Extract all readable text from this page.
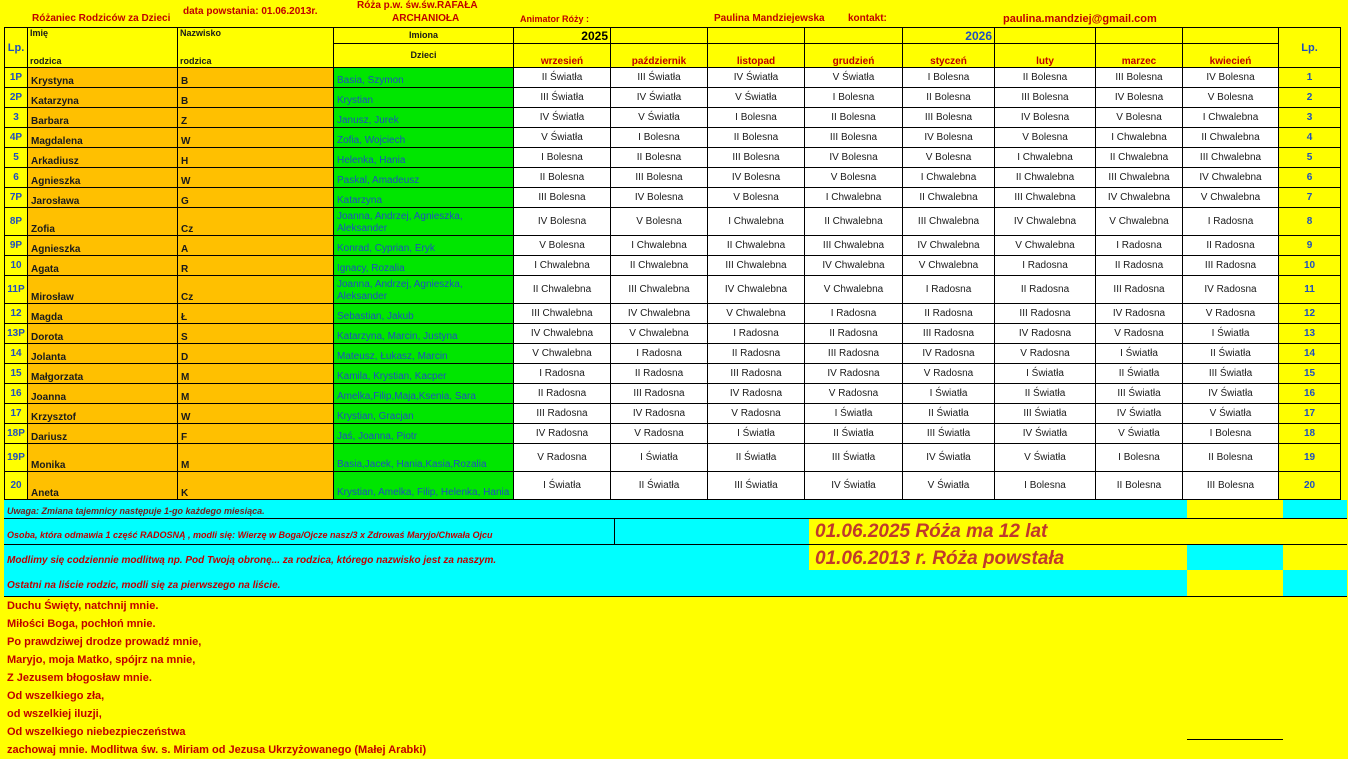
Różaniec Rodziców za Dzieci
data powstania: 01.06.2013r.
Róża p.w. św.św.RAFAŁA
ARCHANIOŁA	Animator Róży :	Paulina Mandziejewska kontakt:	paulina.mandziej@gmail.com
Lp.	Imię	Nazwisko	Imiona	2025				2026				Lp.
	rodzica	rodzica	Dzieci	wrzesień	październik	listopad	grudzień	styczeń	luty	marzec	kwiecień	
1P	Krystyna	B	Basia, Szymon	II Światła	III Światła	IV Światła	V Światła	I Bolesna	II Bolesna	III Bolesna	IV Bolesna	1
2P	Katarzyna	B	Krystian	III Światła	IV Światła	V Światła	I Bolesna	II Bolesna	III Bolesna	IV Bolesna	V Bolesna	2
3	Barbara	Z	Janusz, Jurek	IV Światła	V Światła	I Bolesna	II Bolesna	III Bolesna	IV Bolesna	V Bolesna	I Chwalebna	3
4P	Magdalena	W	Zofia, Wojciech	V Światła	I Bolesna	II Bolesna	III Bolesna	IV Bolesna	V Bolesna	I Chwalebna	II Chwalebna	4
5	Arkadiusz	H	Helenka, Hania	I Bolesna	II Bolesna	III Bolesna	IV Bolesna	V Bolesna	I Chwalebna	II Chwalebna	III Chwalebna	5
6	Agnieszka	W	Paskal, Amadeusz	II Bolesna	III Bolesna	IV Bolesna	V Bolesna	I Chwalebna	II Chwalebna	III Chwalebna	IV Chwalebna	6
7P	Jarosława	G	Katarzyna	III Bolesna	IV Bolesna	V Bolesna	I Chwalebna	II Chwalebna	III Chwalebna	IV Chwalebna	V Chwalebna	7
8P	Zofia	Cz	Joanna, Andrzej, Agnieszka, Aleksander	IV Bolesna	V Bolesna	I Chwalebna	II Chwalebna	III Chwalebna	IV Chwalebna	V Chwalebna	I Radosna	8
9P	Agnieszka	A	Konrad, Cyprian, Eryk	V Bolesna	I Chwalebna	II Chwalebna	III Chwalebna	IV Chwalebna	V Chwalebna	I Radosna	II Radosna	9
10	Agata	R	Ignacy, Rozalia	I Chwalebna	II Chwalebna	III Chwalebna	IV Chwalebna	V Chwalebna	I Radosna	II Radosna	III Radosna	10
11P	Mirosław	Cz	Joanna, Andrzej, Agnieszka, Aleksander	II Chwalebna	III Chwalebna	IV Chwalebna	V Chwalebna	I Radosna	II Radosna	III Radosna	IV Radosna	11
12	Magda	Ł	Sebastian, Jakub	III Chwalebna	IV Chwalebna	V Chwalebna	I Radosna	II Radosna	III Radosna	IV Radosna	V Radosna	12
13P	Dorota	S	Katarzyna, Marcin, Justyna	IV Chwalebna	V Chwalebna	I Radosna	II Radosna	III Radosna	IV Radosna	V Radosna	I Światła	13
14	Jolanta	D	Mateusz, Łukasz, Marcin	V Chwalebna	I Radosna	II Radosna	III Radosna	IV Radosna	V Radosna	I Światła	II Światła	14
15	Małgorzata	M	Kamila, Krystian, Kacper	I Radosna	II Radosna	III Radosna	IV Radosna	V Radosna	I Światła	II Światła	III Światła	15
16	Joanna	M	Amelka,Filip,Maja,Ksenia, Sara	II Radosna	III Radosna	IV Radosna	V Radosna	I Światła	II Światła	III Światła	IV Światła	16
17	Krzysztof	W	Krystian, Gracjan	III Radosna	IV Radosna	V Radosna	I Światła	II Światła	III Światła	IV Światła	V Światła	17
18P	Dariusz	F	Jaś, Joanna, Piotr	IV Radosna	V Radosna	I Światła	II Światła	III Światła	IV Światła	V Światła	I Bolesna	18
19P	Monika	M	Basia,Jacek, Hania,Kasia,Rozalia	V Radosna	I Światła	II Światła	III Światła	IV Światła	V Światła	I Bolesna	II Bolesna	19
20	Aneta	K	Krystian, Amelka, Filip, Helenka, Hania	I Światła	II Światła	III Światła	IV Światła	V Światła	I Bolesna	II Bolesna	III Bolesna	20
Uwaga: Zmiana tajemnicy następuje 1-go każdego miesiąca.
Osoba, która odmawia 1 część RADOSNĄ , modli się: Wierzę w Boga/Ojcze nasz/3 x Zdrowaś Maryjo/Chwała Ojcu
Modlimy się codziennie modlitwą np. Pod Twoją obronę... za rodzica, którego nazwisko jest za naszym.
Ostatni na liście rodzic, modli się za pierwszego na liście.
01.06.2025 Róża ma 12 lat
01.06.2013 r. Róża powstała
Duchu Święty, natchnij mnie.
Miłości Boga, pochłoń mnie.
Po prawdziwej drodze prowadź mnie,
Maryjo, moja Matko, spójrz na mnie,
Z Jezusem błogosław mnie.
Od wszelkiego zła,
od wszelkiej iluzji,
Od wszelkiego niebezpieczeństwa
zachowaj mnie. Modlitwa św. s. Miriam od Jezusa Ukrzyżowanego (Małej Arabki)
